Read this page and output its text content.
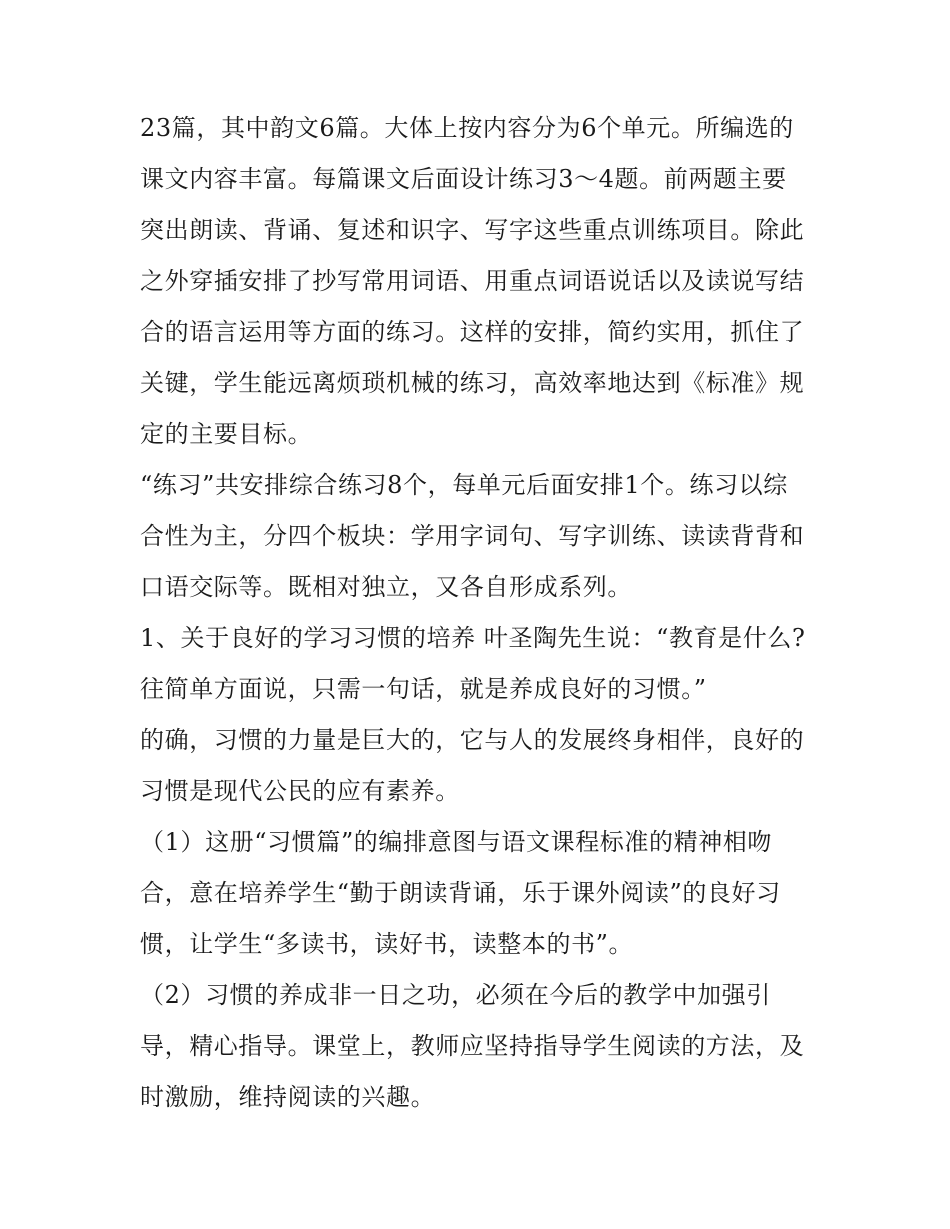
23篇，其中韵文6篇。大体上按内容分为6个单元。所编选的
课文内容丰富。每篇课文后面设计练习3～4题。前两题主要
突出朗读、背诵、复述和识字、写字这些重点训练项目。除此
之外穿插安排了抄写常用词语、用重点词语说话以及读说写结
合的语言运用等方面的练习。这样的安排，简约实用，抓住了
关键，学生能远离烦琐机械的练习，高效率地达到《标准》规
定的主要目标。
“练习”共安排综合练习8个，每单元后面安排1个。练习以综
合性为主，分四个板块：学用字词句、写字训练、读读背背和
口语交际等。既相对独立，又各自形成系列。
1、关于良好的学习习惯的培养 叶圣陶先生说：“教育是什么?
往简单方面说，只需一句话，就是养成良好的习惯。”
的确，习惯的力量是巨大的，它与人的发展终身相伴，良好的
习惯是现代公民的应有素养。
（1）这册“习惯篇”的编排意图与语文课程标准的精神相吻
合，意在培养学生“勤于朗读背诵，乐于课外阅读”的良好习
惯，让学生“多读书，读好书，读整本的书”。
（2）习惯的养成非一日之功，必须在今后的教学中加强引
导，精心指导。课堂上，教师应坚持指导学生阅读的方法，及
时激励，维持阅读的兴趣。
